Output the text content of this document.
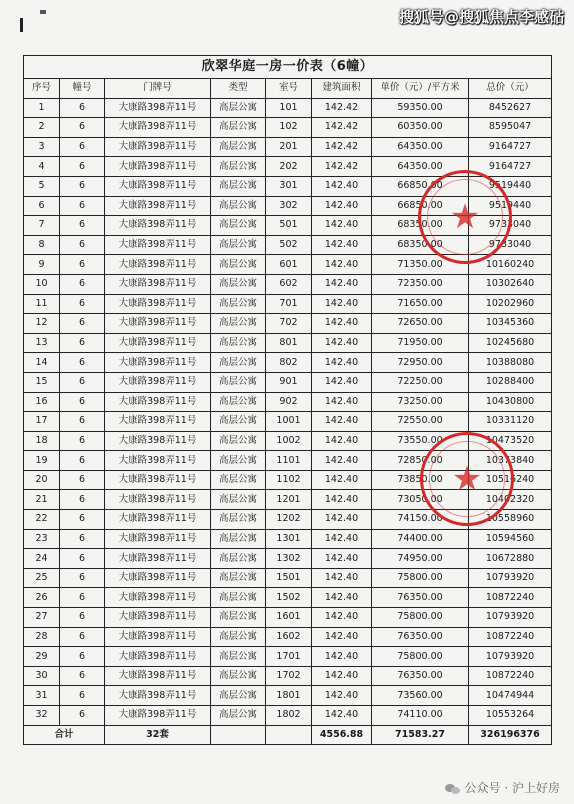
搜狐号@搜狐焦点李感砧
欣翠华庭一房一价表（6幢）							
序号	幢号	门牌号	类型	室号	建筑面积	单价（元）/平方米	总价（元）
1	6	大康路398弄11号	高层公寓	101	142.42	59350.00	8452627
2	6	大康路398弄11号	高层公寓	102	142.42	60350.00	8595047
3	6	大康路398弄11号	高层公寓	201	142.42	64350.00	9164727
4	6	大康路398弄11号	高层公寓	202	142.42	64350.00	9164727
5	6	大康路398弄11号	高层公寓	301	142.40	66850.00	9519440
6	6	大康路398弄11号	高层公寓	302	142.40	66850.00	9519440
7	6	大康路398弄11号	高层公寓	501	142.40	68350.00	9733040
8	6	大康路398弄11号	高层公寓	502	142.40	68350.00	9733040
9	6	大康路398弄11号	高层公寓	601	142.40	71350.00	10160240
10	6	大康路398弄11号	高层公寓	602	142.40	72350.00	10302640
11	6	大康路398弄11号	高层公寓	701	142.40	71650.00	10202960
12	6	大康路398弄11号	高层公寓	702	142.40	72650.00	10345360
13	6	大康路398弄11号	高层公寓	801	142.40	71950.00	10245680
14	6	大康路398弄11号	高层公寓	802	142.40	72950.00	10388080
15	6	大康路398弄11号	高层公寓	901	142.40	72250.00	10288400
16	6	大康路398弄11号	高层公寓	902	142.40	73250.00	10430800
17	6	大康路398弄11号	高层公寓	1001	142.40	72550.00	10331120
18	6	大康路398弄11号	高层公寓	1002	142.40	73550.00	10473520
19	6	大康路398弄11号	高层公寓	1101	142.40	72850.00	10373840
20	6	大康路398弄11号	高层公寓	1102	142.40	73850.00	10516240
21	6	大康路398弄11号	高层公寓	1201	142.40	73050.00	10402320
22	6	大康路398弄11号	高层公寓	1202	142.40	74150.00	10558960
23	6	大康路398弄11号	高层公寓	1301	142.40	74400.00	10594560
24	6	大康路398弄11号	高层公寓	1302	142.40	74950.00	10672880
25	6	大康路398弄11号	高层公寓	1501	142.40	75800.00	10793920
26	6	大康路398弄11号	高层公寓	1502	142.40	76350.00	10872240
27	6	大康路398弄11号	高层公寓	1601	142.40	75800.00	10793920
28	6	大康路398弄11号	高层公寓	1602	142.40	76350.00	10872240
29	6	大康路398弄11号	高层公寓	1701	142.40	75800.00	10793920
30	6	大康路398弄11号	高层公寓	1702	142.40	76350.00	10872240
31	6	大康路398弄11号	高层公寓	1801	142.40	73560.00	10474944
32	6	大康路398弄11号	高层公寓	1802	142.40	74110.00	10553264
合计		32套			4556.88	71583.27	326196376
★
★
公众号 · 沪上好房
